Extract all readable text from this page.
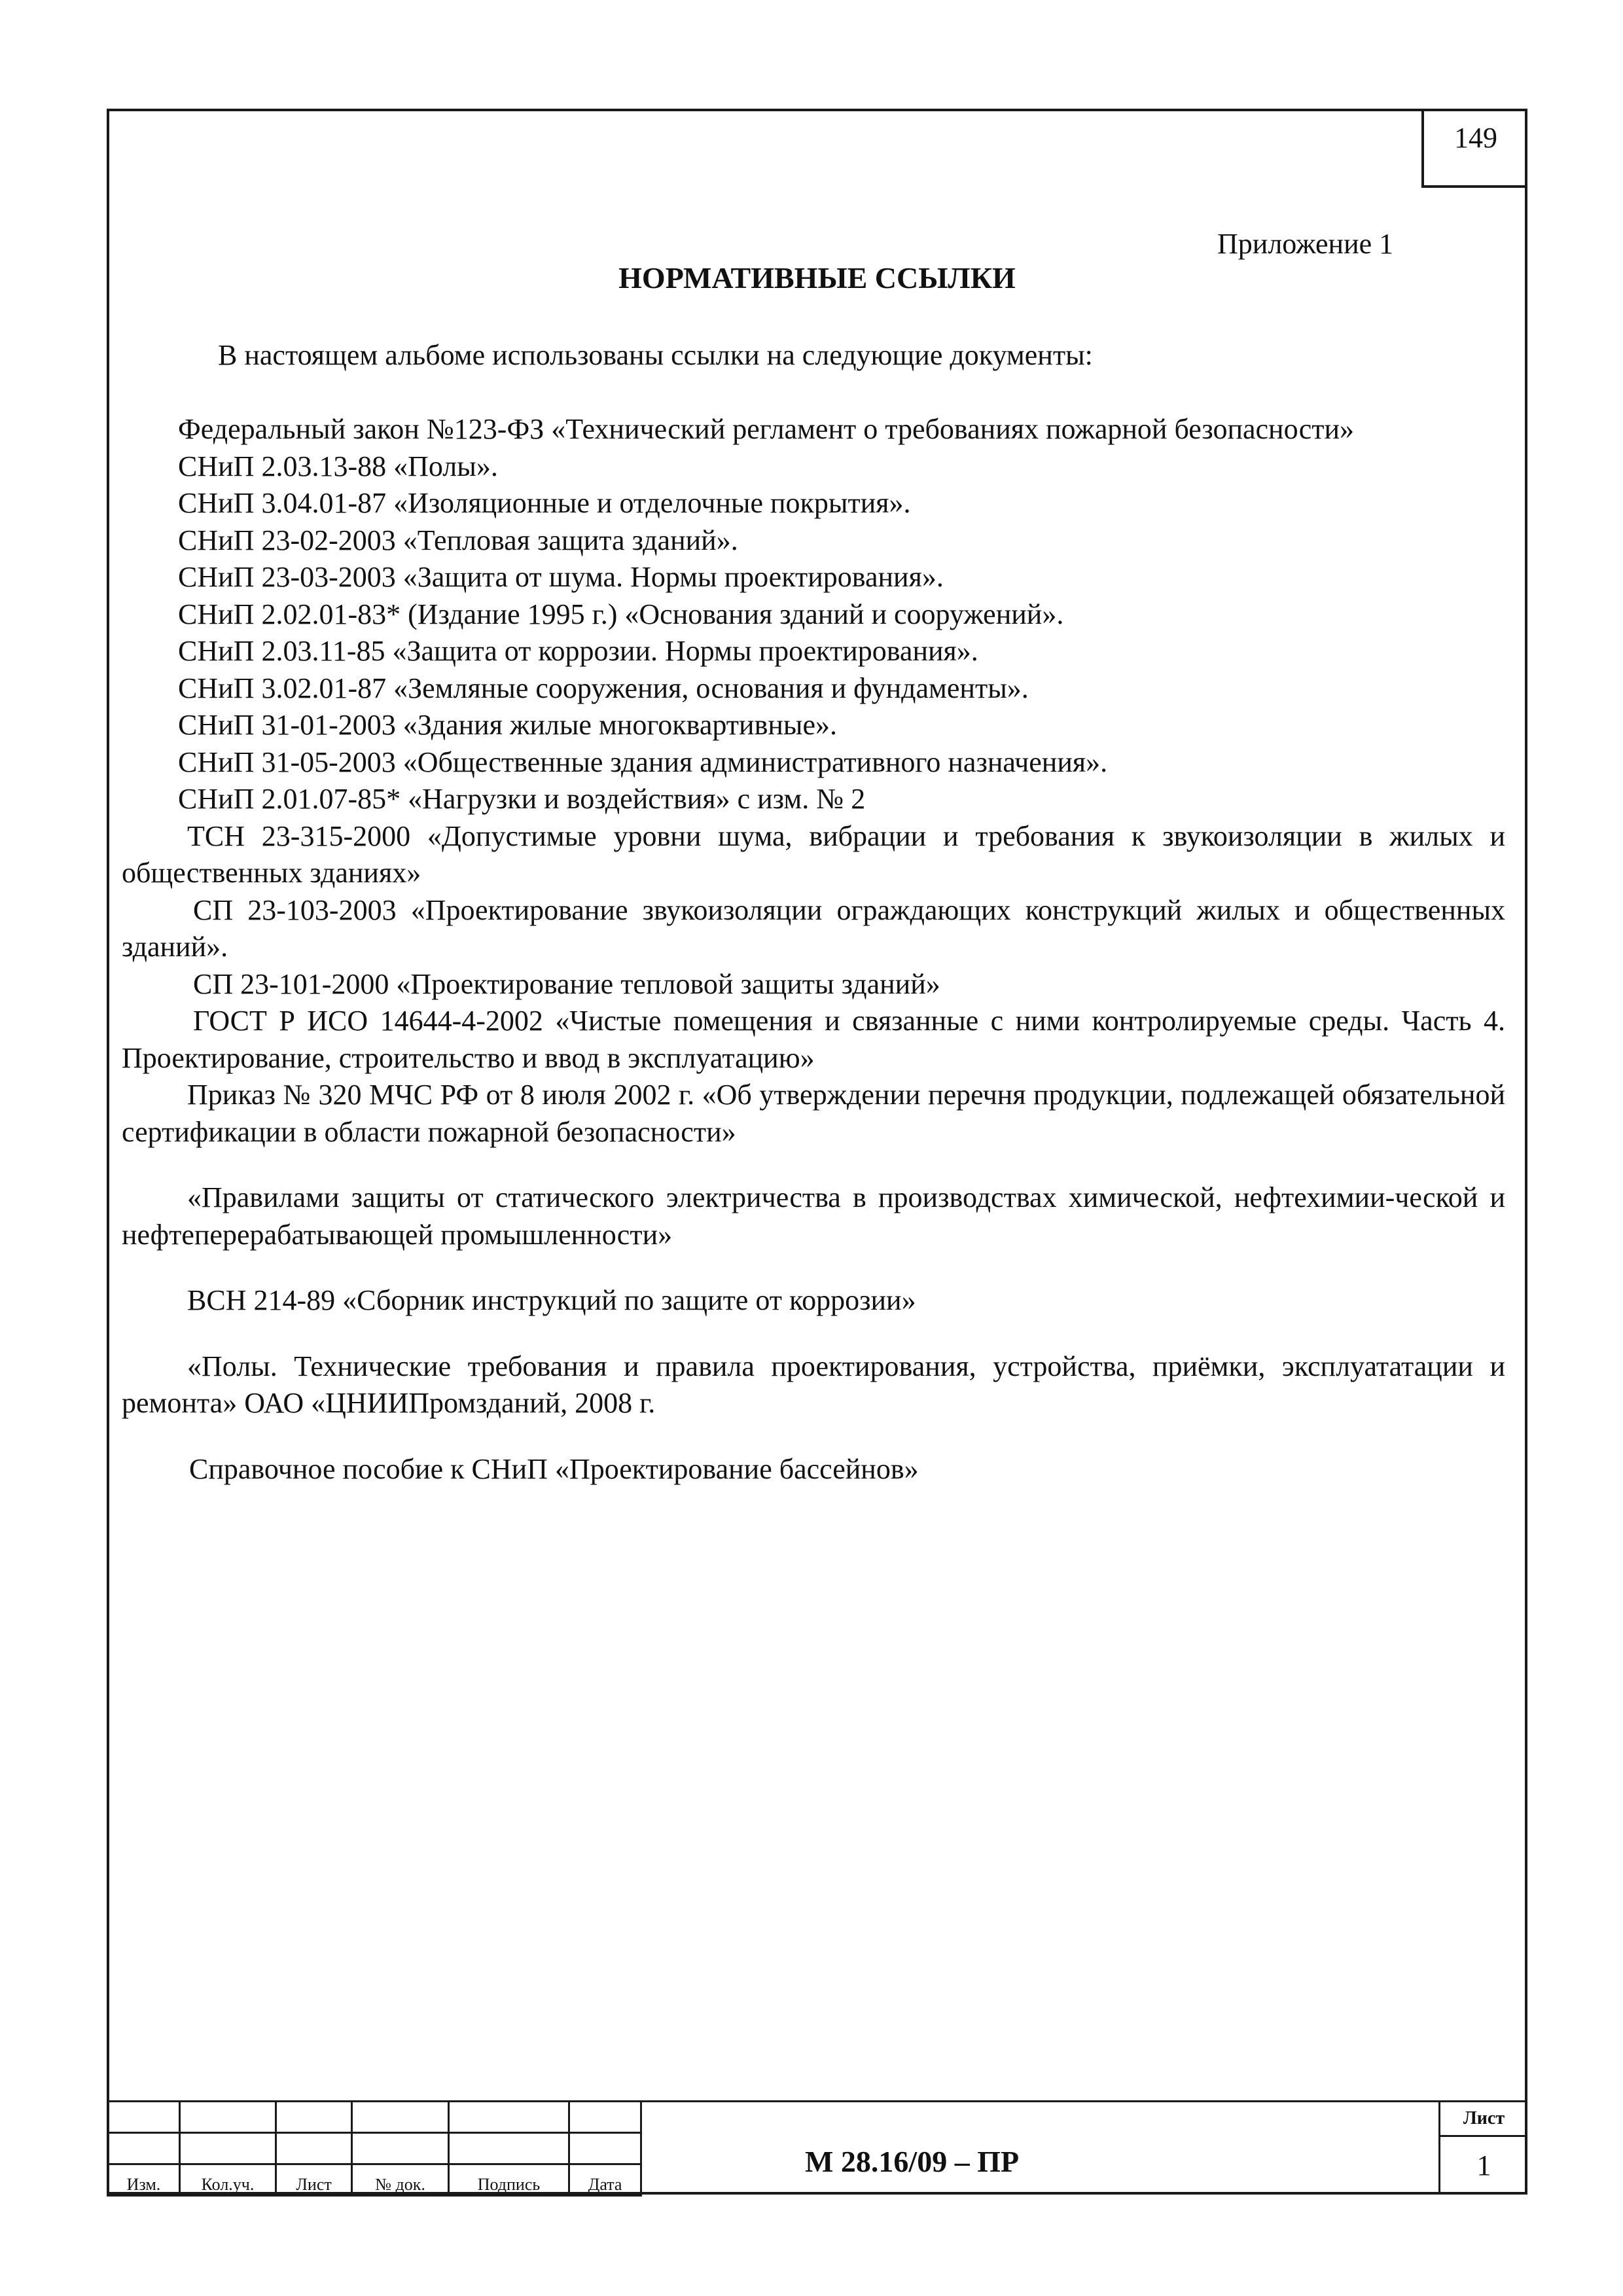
149
Приложение 1
НОРМАТИВНЫЕ ССЫЛКИ
В настоящем альбоме использованы ссылки на следующие документы:

Федеральный закон №123-ФЗ «Технический регламент о требованиях пожарной безопасности»

СНиП 2.03.13-88 «Полы».

СНиП 3.04.01-87 «Изоляционные и отделочные покрытия».

СНиП 23-02-2003 «Тепловая защита зданий».

СНиП 23-03-2003 «Защита от шума. Нормы проектирования».

СНиП 2.02.01-83* (Издание 1995 г.) «Основания зданий и сооружений».

СНиП 2.03.11-85 «Защита от коррозии. Нормы проектирования».

СНиП 3.02.01-87 «Земляные сооружения, основания и фундаменты».

СНиП 31-01-2003 «Здания жилые многоквартивные».

СНиП 31-05-2003 «Общественные здания административного назначения».

СНиП 2.01.07-85* «Нагрузки и воздействия» с изм. № 2

ТСН 23-315-2000 «Допустимые уровни шума, вибрации и требования к звукоизоляции в жилых и общественных зданиях»

СП 23-103-2003 «Проектирование звукоизоляции ограждающих конструкций жилых и общественных зданий».

СП 23-101-2000 «Проектирование тепловой защиты зданий»

ГОСТ Р ИСО 14644-4-2002 «Чистые помещения и связанные с ними контролируемые среды. Часть 4. Проектирование, строительство и ввод в эксплуатацию»

Приказ № 320 МЧС РФ от 8 июля 2002 г. «Об утверждении перечня продукции, подлежащей обязательной сертификации в области пожарной безопасности»

«Правилами защиты от статического электричества в производствах химической, нефтехимии-ческой и нефтеперерабатывающей промышленности»

ВСН 214-89 «Сборник инструкций по защите от коррозии»

«Полы. Технические требования и правила проектирования, устройства, приёмки, эксплуататации и ремонта» ОАО «ЦНИИПромзданий, 2008 г.

Справочное пособие к СНиП «Проектирование бассейнов»

Изм.	Кол.уч.	Лист	№ док.	Подпись	Дата
М 28.16/09 – ПР
Лист
1
